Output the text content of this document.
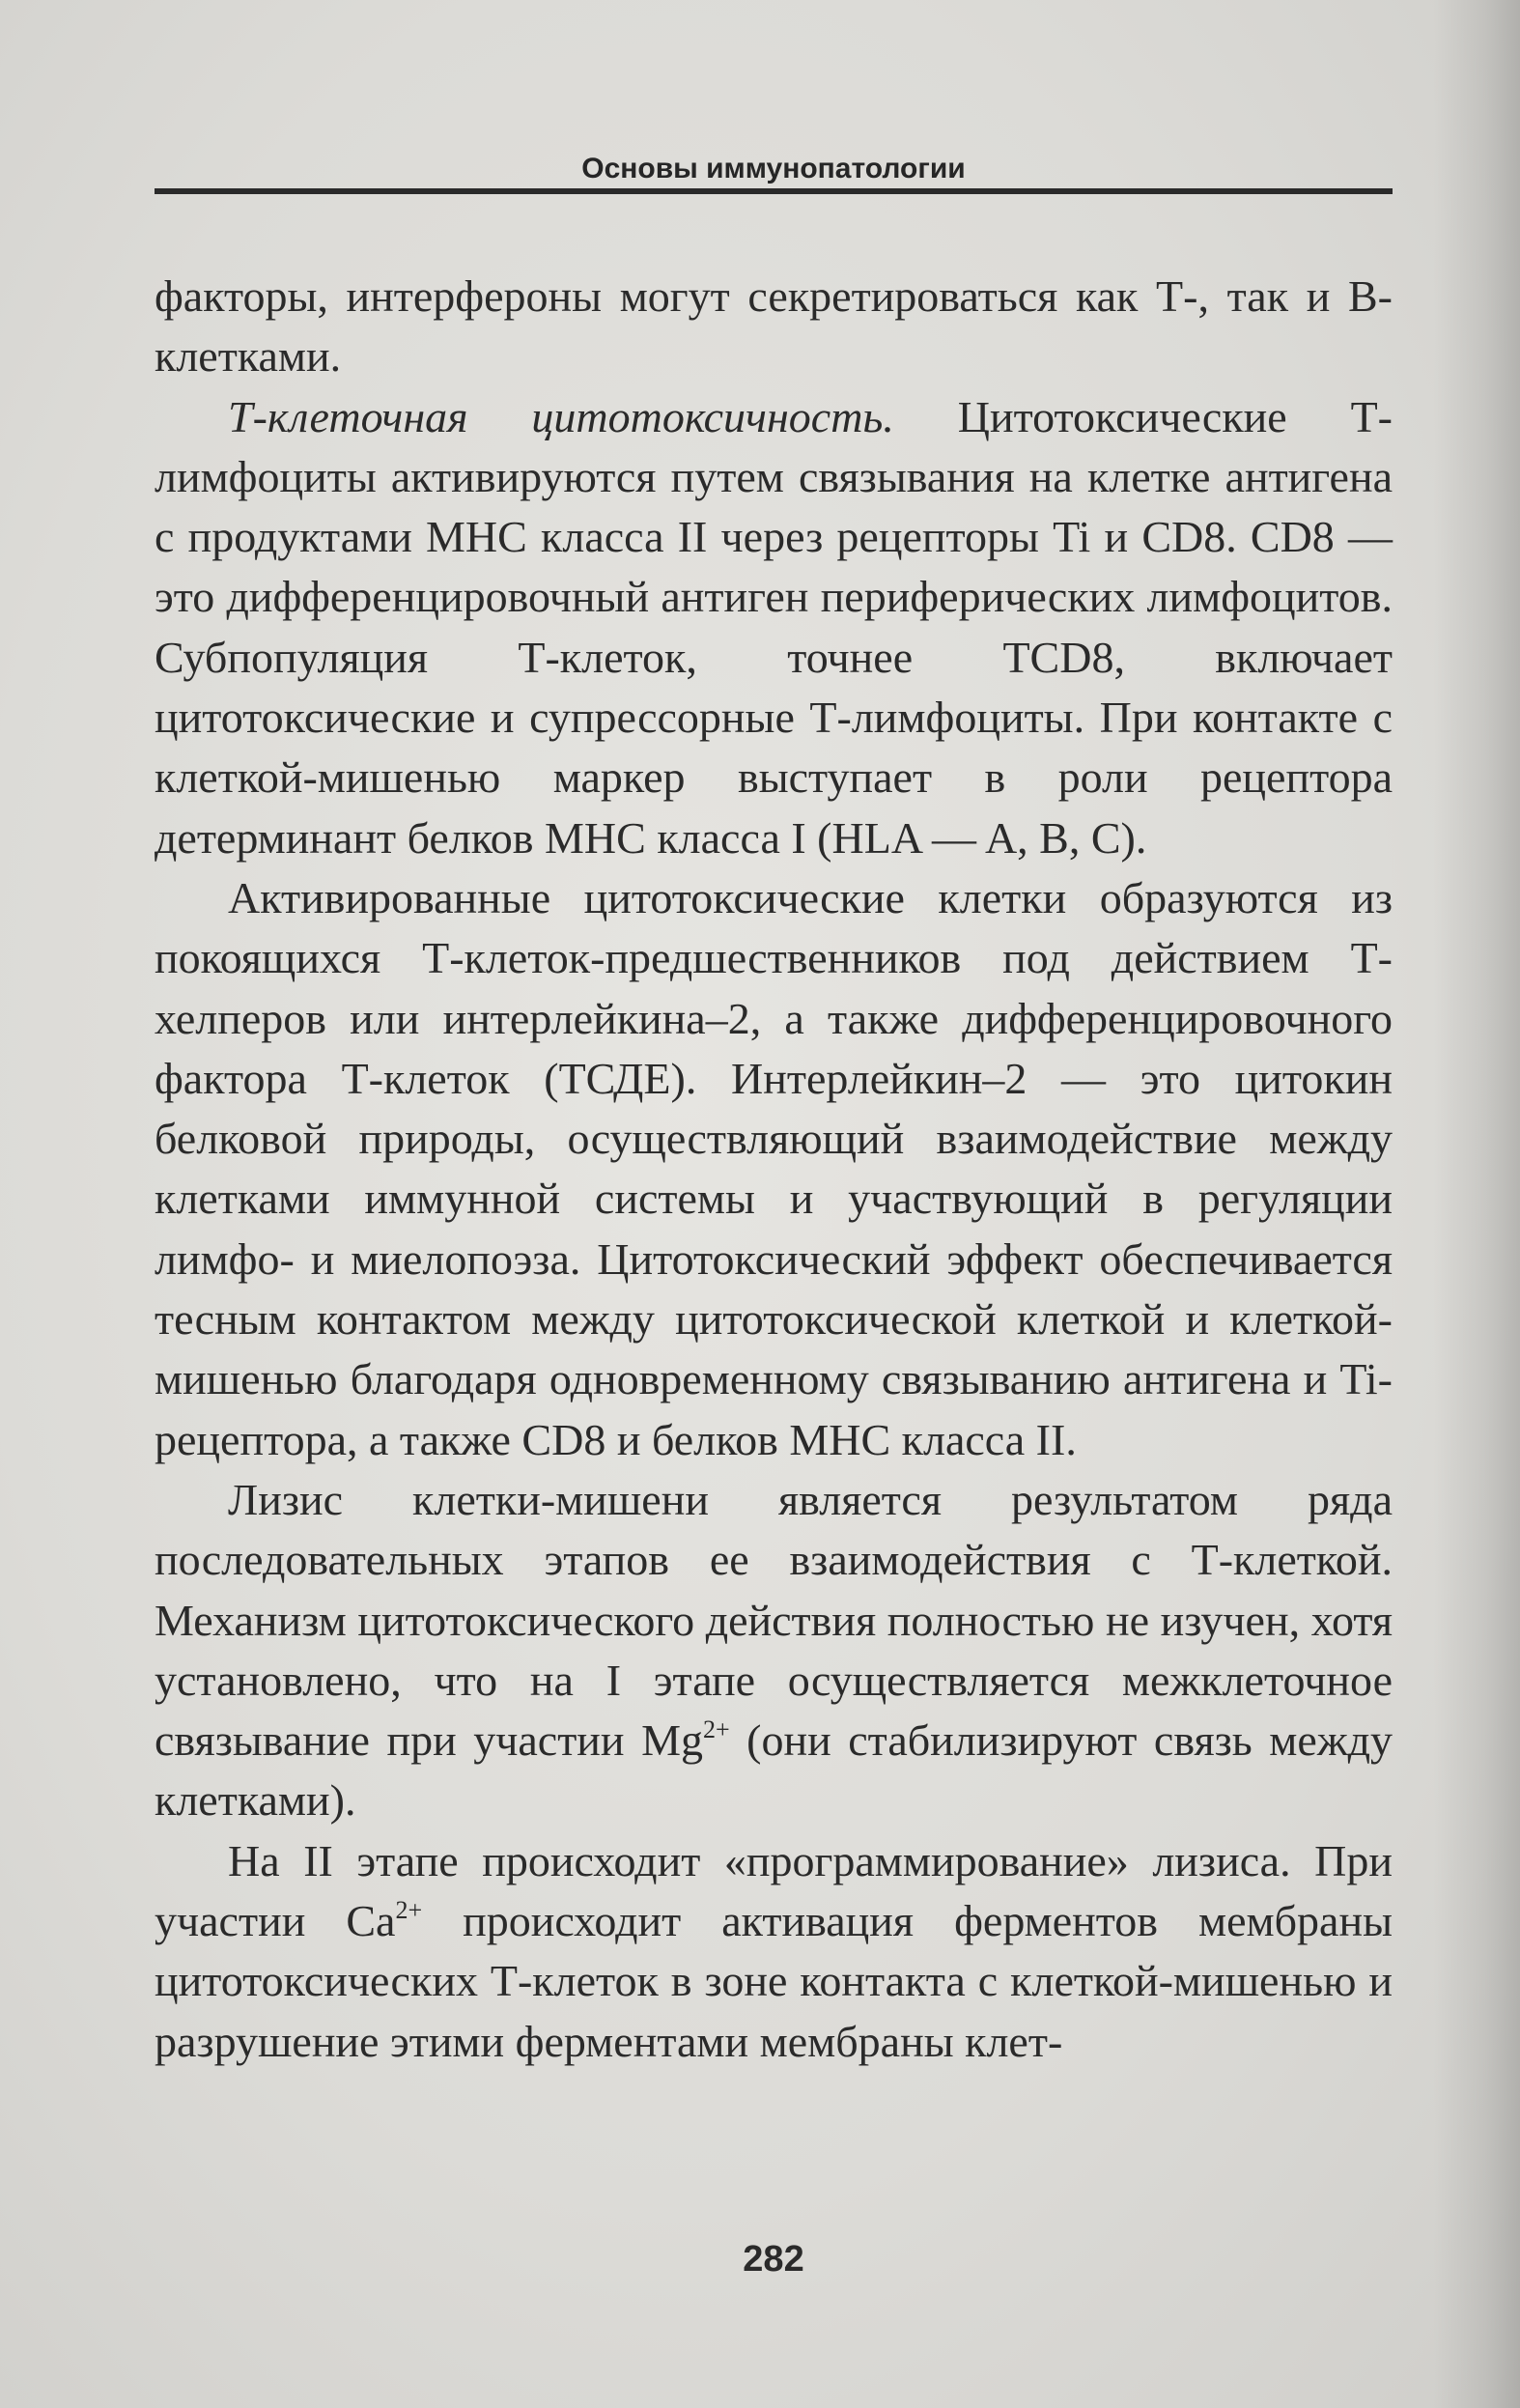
Основы иммунопатологии

факторы, интерфероны могут секретироваться как Т-, так и В-клетками.

Т-клеточная цитотоксичность. Цитотоксические Т-лимфоциты активируются путем связывания на клетке антигена с продуктами МНС класса II через рецепторы Ti и CD8. CD8 — это дифференцировочный антиген периферических лимфоцитов. Субпопуляция Т-клеток, точнее TCD8, включает цитотоксические и супрессорные Т-лимфоциты. При контакте с клеткой-мишенью маркер выступает в роли рецептора детерминант белков МНС класса I (HLA — A, B, C).

Активированные цитотоксические клетки образуются из покоящихся Т-клеток-предшественников под действием Т-хелперов или интерлейкина–2, а также дифференцировочного фактора Т-клеток (ТСДЕ). Интерлейкин–2 — это цитокин белковой природы, осуществляющий взаимодействие между клетками иммунной системы и участвующий в регуляции лимфо- и миелопоэза. Цитотоксический эффект обеспечивается тесным контактом между цитотоксической клеткой и клеткой-мишенью благодаря одновременному связыванию антигена и Ti-рецептора, а также CD8 и белков МНС класса II.

Лизис клетки-мишени является результатом ряда последовательных этапов ее взаимодействия с Т-клеткой. Механизм цитотоксического действия полностью не изучен, хотя установлено, что на I этапе осуществляется межклеточное связывание при участии $Mg^{2+}$ (они стабилизируют связь между клетками).

На II этапе происходит «программирование» лизиса. При участии $Ca^{2+}$ происходит активация ферментов мембраны цитотоксических Т-клеток в зоне контакта с клеткой-мишенью и разрушение этими ферментами мембраны клет-

282
